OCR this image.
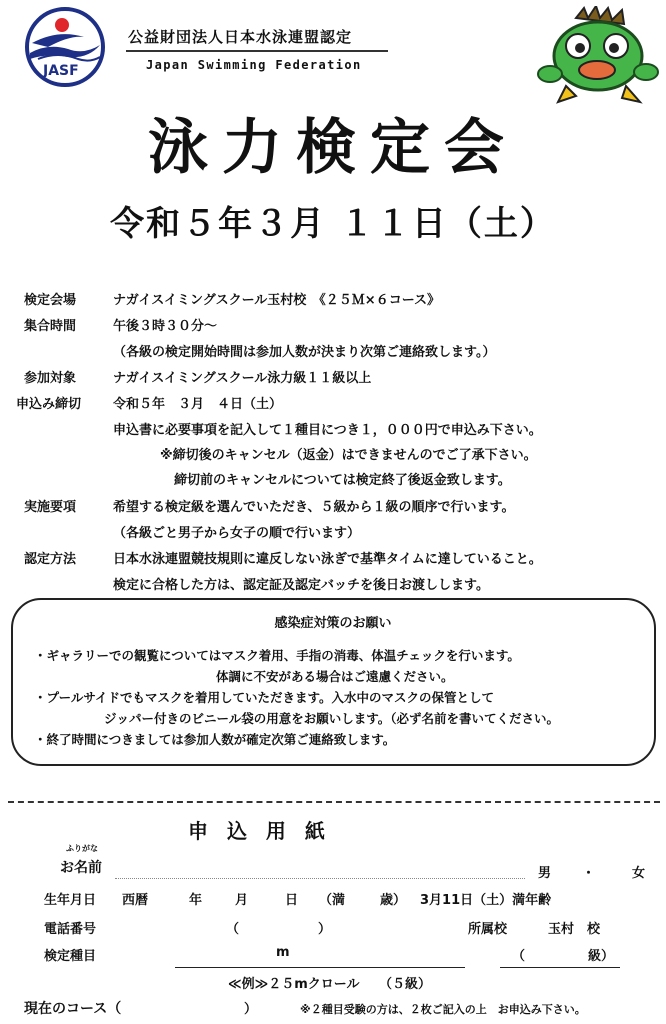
JASF
公益財団法人日本水泳連盟認定
Japan Swimming Federation
泳力検定会
令和５年３月 １１日（土）
検定会場	ナガイスイミングスクール玉村校　《２５Ｍ×６コース》
集合時間	午後３時３０分～
（各級の検定開始時間は参加人数が決まり次第ご連絡致します。）
参加対象	ナガイスイミングスクール泳力級１１級以上
申込み締切 令和５年　３月　４日（土）
申込書に必要事項を記入して１種目につき１，０００円で申込み下さい。
※締切後のキャンセル（返金）はできませんのでご了承下さい。
締切前のキャンセルについては検定終了後返金致します。
実施要項	希望する検定級を選んでいただき、５級から１級の順序で行います。
（各級ごと男子から女子の順で行います）
認定方法	日本水泳連盟競技規則に違反しない泳ぎで基準タイムに達していること。
検定に合格した方は、認定証及認定バッチを後日お渡しします。
感染症対策のお願い
・ギャラリーでの観覧についてはマスク着用、手指の消毒、体温チェックを行います。
体調に不安がある場合はご遠慮ください。
・プールサイドでもマスクを着用していただきます。入水中のマスクの保管として
ジッパー付きのビニール袋の用意をお願いします。（必ず名前を書いてください。
・終了時間につきましては参加人数が確定次第ご連絡致します。
申 込 用 紙
ふりがな
お名前	男 ・	女
生年月日 西暦	年	月	日 （満	歳） 3月11日（土）満年齢
電話番号	（	）	所属校	玉村　校
検定種目	m	（	級）
≪例≫２５mクロール　　（５級）
現在のコース（	）	※２種目受験の方は、２枚ご記入の上　お申込み下さい。
